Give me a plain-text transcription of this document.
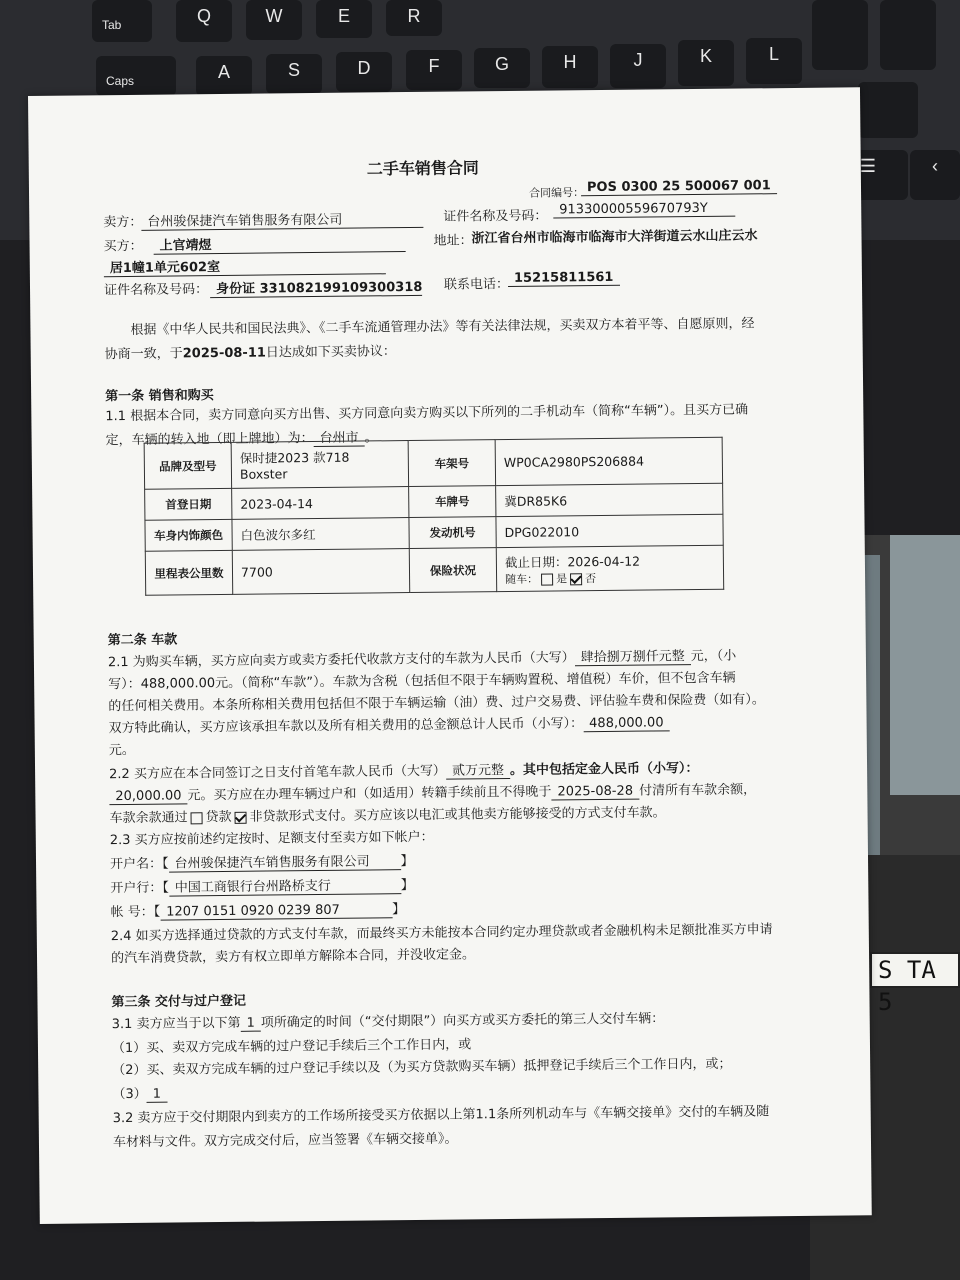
Tab	Q	W	E	R
A	S	D	F	G	H	J	K	L
☰	‹
Caps
S TA 5
二手车销售合同
合同编号： POS 0300 25 500067 001
卖方： 台州骏保捷汽车销售服务有限公司	证件名称及号码： 91330000559670793Y
买方：	上官靖煜	地址：
浙江省台州市临海市临海市大洋街道云水山庄云水
居1幢1单元602室
证件名称及号码： 身份证 331082199109300318 联系电话： 15215811561
根据《中华人民共和国民法典》、《二手车流通管理办法》等有关法律法规，买卖双方本着平等、自愿原则，经
协商一致，于2025-08-11日达成如下买卖协议：
第一条 销售和购买
1.1 根据本合同，卖方同意向买方出售、买方同意向卖方购买以下所列的二手机动车（简称“车辆”）。且买方已确
定，车辆的转入地（即上牌地）为： 台州市 。
品牌及型号	保时捷2023 款718
Boxster	车架号	WP0CA2980PS206884
首登日期	2023-04-14	车牌号	冀DR85K6
车身内饰颜色	白色波尔多红	发动机号	DPG022010
里程表公里数	7700	保险状况	截止日期：2026-04-12
随车： 是 否
第二条 车款
2.1 为购买车辆，买方应向卖方或卖方委托代收款方支付的车款为人民币（大写） 肆拾捌万捌仟元整 元，（小
写）：488,000.00元。（简称“车款”）。车款为含税（包括但不限于车辆购置税、增值税）车价，但不包含车辆
的任何相关费用。本条所称相关费用包括但不限于车辆运输（油）费、过户交易费、评估验车费和保险费（如有）。
双方特此确认，买方应该承担车款以及所有相关费用的总金额总计人民币（小写）： 488,000.00
元。
2.2 买方应在本合同签订之日支付首笔车款人民币（大写） 贰万元整 。其中包括定金人民币（小写）：
20,000.00 元。买方应在办理车辆过户和（如适用）转籍手续前且不得晚于 2025-08-28 付清所有车款余额，
车款余款通过 贷款 非贷款形式支付。买方应该以电汇或其他卖方能够接受的方式支付车款。
2.3 买方应按前述约定按时、足额支付至卖方如下帐户：
开户名：【 台州骏保捷汽车销售服务有限公司 】
开户行：【 中国工商银行台州路桥支行	】
帐 号：【 1207 0151 0920 0239 807	】
2.4 如买方选择通过贷款的方式支付车款，而最终买方未能按本合同约定办理贷款或者金融机构未足额批准买方申请
的汽车消费贷款，卖方有权立即单方解除本合同，并没收定金。
第三条 交付与过户登记
3.1 卖方应当于以下第 1 项所确定的时间（“交付期限”）向买方或买方委托的第三人交付车辆：
（1）买、卖双方完成车辆的过户登记手续后三个工作日内，或
（2）买、卖双方完成车辆的过户登记手续以及（为买方贷款购买车辆）抵押登记手续后三个工作日内，或；
（3） 1
3.2 卖方应于交付期限内到卖方的工作场所接受买方依据以上第1.1条所列机动车与《车辆交接单》交付的车辆及随
车材料与文件。双方完成交付后，应当签署《车辆交接单》。
